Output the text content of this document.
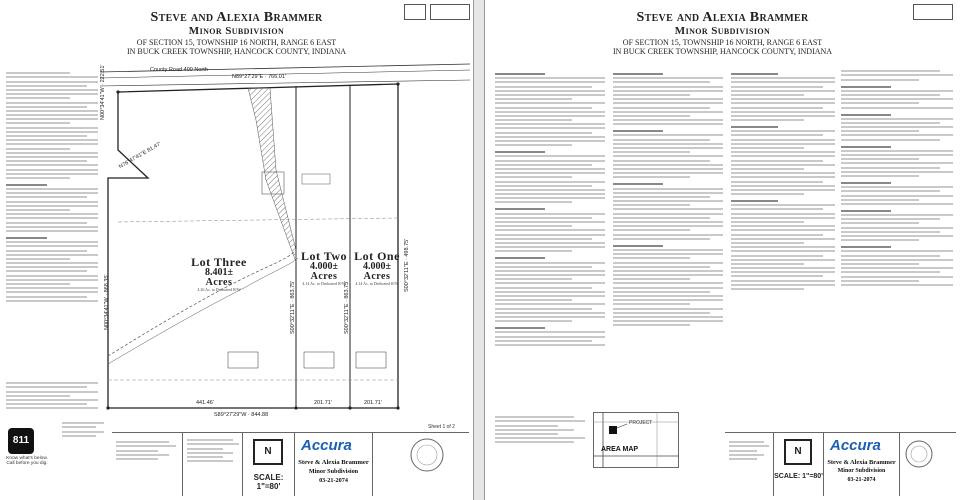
Steve and Alexia Brammer
Minor Subdivision
OF SECTION 15, TOWNSHIP 16 NORTH, RANGE 6 EAST
IN BUCK CREEK TOWNSHIP, HANCOCK COUNTY, INDIANA
County Road 400 North
N89°27'29"E · 766.01'
N00°34'41"W · 222.51'
N76°47'41"E 81.47'
N00°34'41"W · 868.35'
S00°32'11"E · 498.75'
S00°32'11"E · 863.75'	S00°32'11"E · 863.75'
441.46'	201.71'	201.71'
S89°27'29"W · 844.88
Lot Three
8.401±
Acres
4.26 Ac. to Dedicated R/W
Lot Two
4.000±
Acres
4.14 Ac. to Dedicated R/W
Lot One
4.000±
Acres
4.14 Ac. to Dedicated R/W
Sheet 1 of 2
811
Know what's below.
Call before you dig.
N
SCALE: 1"=80'
Accura
Steve & Alexia Brammer
Minor Subdivision
03-21-2074
Steve and Alexia Brammer
Minor Subdivision
OF SECTION 15, TOWNSHIP 16 NORTH, RANGE 6 EAST
IN BUCK CREEK TOWNSHIP, HANCOCK COUNTY, INDIANA
PROJECT
AREA MAP	N
SCALE: 1"=80'
Accura
Steve & Alexia Brammer
Minor Subdivision
03-21-2074
